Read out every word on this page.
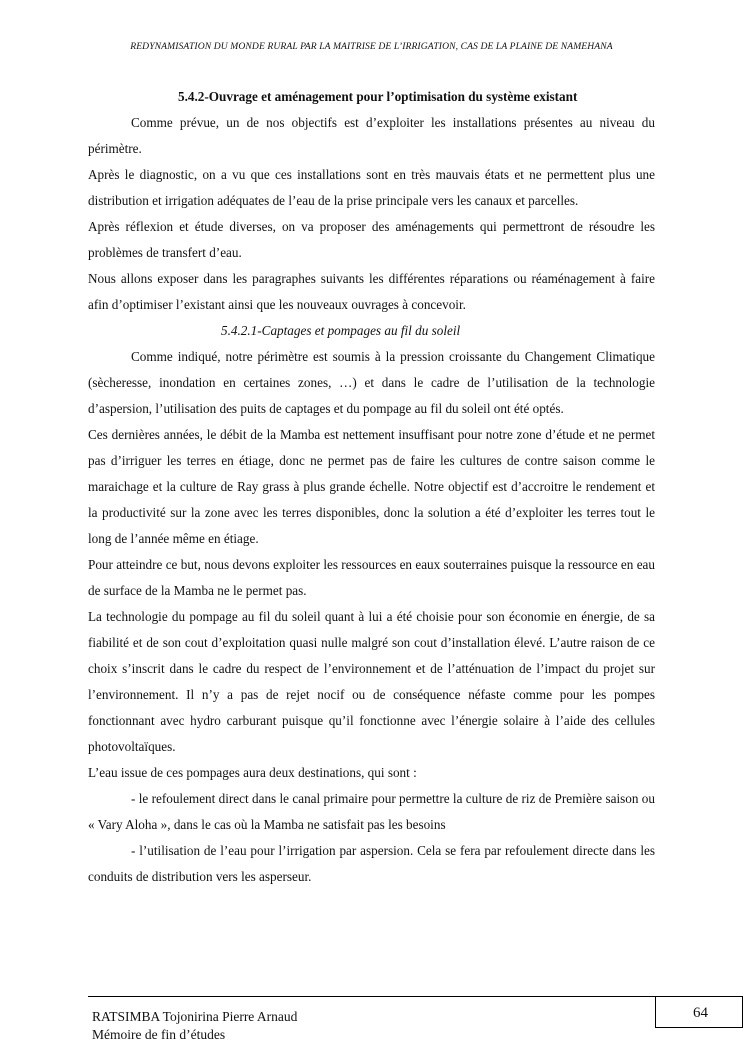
REDYNAMISATION DU MONDE RURAL PAR LA MAITRISE DE L’IRRIGATION, CAS DE LA PLAINE DE NAMEHANA

5.4.2-Ouvrage et aménagement pour l’optimisation du système existant

Comme prévue, un de nos objectifs est d’exploiter les installations présentes au niveau du périmètre.

Après le diagnostic, on a vu que ces installations sont en très mauvais états et ne permettent plus une distribution et irrigation adéquates de l’eau de la prise principale vers les canaux et parcelles.

Après réflexion et étude diverses, on va proposer des aménagements qui permettront de résoudre les problèmes de transfert d’eau.

Nous allons exposer dans les paragraphes suivants les différentes réparations ou réaménagement à faire afin d’optimiser l’existant ainsi que les nouveaux ouvrages à concevoir.

5.4.2.1-Captages et pompages au fil du soleil

Comme indiqué, notre périmètre est soumis à la pression croissante du Changement Climatique (sècheresse, inondation en certaines zones, …) et dans le cadre de l’utilisation de la technologie d’aspersion, l’utilisation des puits de captages et du pompage au fil du soleil ont été optés.

Ces dernières années, le débit de la Mamba est nettement insuffisant pour notre zone d’étude et ne permet pas d’irriguer les terres en étiage, donc ne permet pas de faire les cultures de contre saison comme le maraichage et la culture de Ray grass à plus grande échelle. Notre objectif est d’accroitre le rendement et la productivité sur la zone avec les terres disponibles, donc la solution a été d’exploiter les terres tout le long de l’année même en étiage.

Pour atteindre ce but, nous devons exploiter les ressources en eaux souterraines puisque la ressource en eau de surface de la Mamba ne le permet pas.

La technologie du pompage au fil du soleil quant à lui a été choisie pour son économie en énergie, de sa fiabilité et de son cout d’exploitation quasi nulle malgré son cout d’installation élevé. L’autre raison de ce choix s’inscrit dans le cadre du respect de l’environnement et de l’atténuation de l’impact du projet sur l’environnement. Il n’y a pas de rejet nocif ou de conséquence néfaste comme pour les pompes fonctionnant avec hydro carburant puisque qu’il fonctionne avec l’énergie solaire à l’aide des cellules photovoltaïques.

L’eau issue de ces pompages aura deux destinations, qui sont :

- le refoulement direct dans le canal primaire pour permettre la culture de riz de Première saison ou « Vary Aloha », dans le cas où la Mamba ne satisfait pas les besoins

- l’utilisation de l’eau pour l’irrigation par aspersion. Cela se fera par refoulement directe dans les conduits de distribution vers les asperseur.

RATSIMBA Tojonirina Pierre Arnaud
Mémoire de fin d’études
64
